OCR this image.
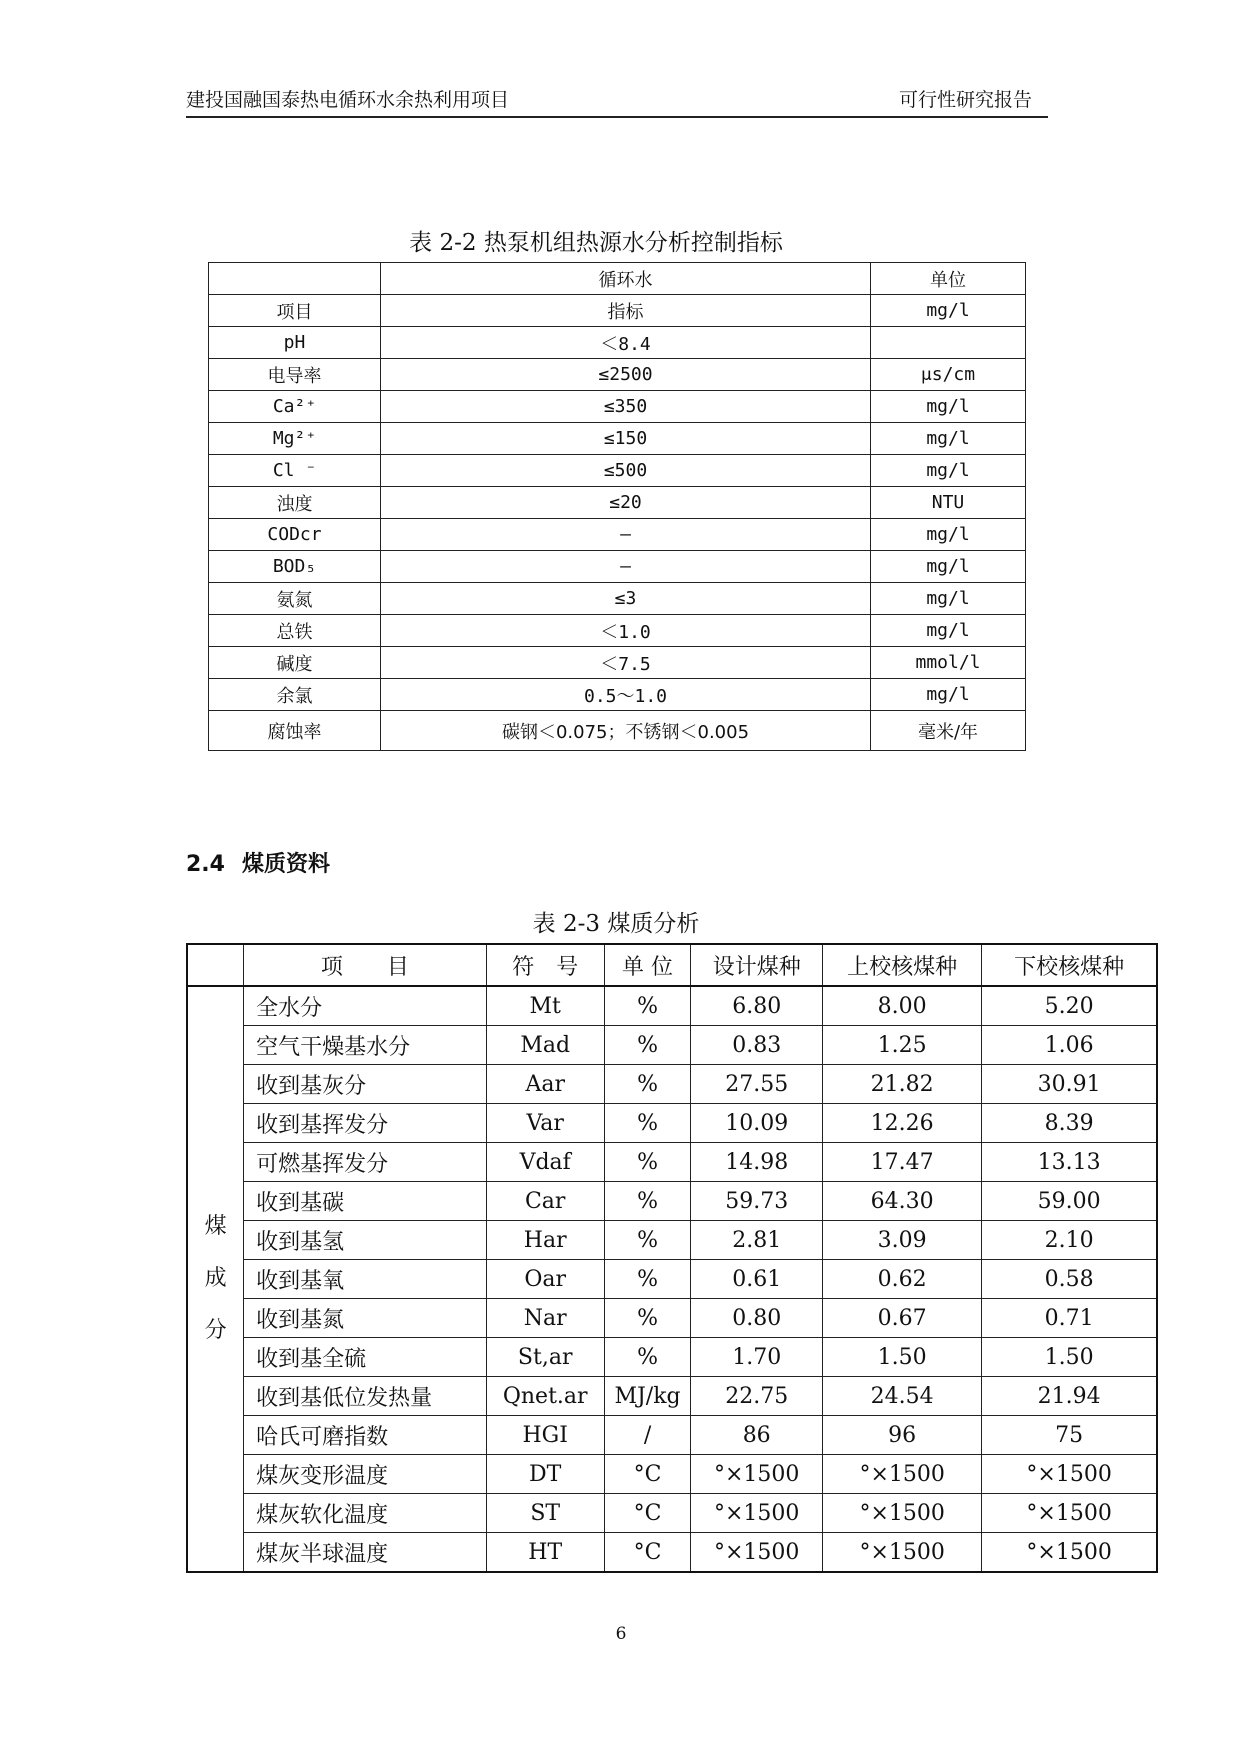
建投国融国泰热电循环水余热利用项目	可行性研究报告
表 2-2 热泵机组热源水分析控制指标
	循环水	单位
项目	指标	mg/l
pH	＜8.4	
电导率	≤2500	μs/cm
Ca²⁺	≤350	mg/l
Mg²⁺	≤150	mg/l
Cl ⁻	≤500	mg/l
浊度	≤20	NTU
CODcr	—	mg/l
BOD₅	—	mg/l
氨氮	≤3	mg/l
总铁	＜1.0	mg/l
碱度	＜7.5	mmol/l
余氯	0.5～1.0	mg/l
腐蚀率	碳钢＜0.075；不锈钢＜0.005	毫米/年
2.4 煤质资料
表 2-3 煤质分析
	项　　目	符　号	单 位	设计煤种	上校核煤种	下校核煤种

煤
成
分	全水分	Mt	%	6.80	8.00	5.20
	空气干燥基水分	Mad	%	0.83	1.25	1.06
	收到基灰分	Aar	%	27.55	21.82	30.91
	收到基挥发分	Var	%	10.09	12.26	8.39
	可燃基挥发分	Vdaf	%	14.98	17.47	13.13
	收到基碳	Car	%	59.73	64.30	59.00
	收到基氢	Har	%	2.81	3.09	2.10
	收到基氧	Oar	%	0.61	0.62	0.58
	收到基氮	Nar	%	0.80	0.67	0.71
	收到基全硫	St,ar	%	1.70	1.50	1.50
	收到基低位发热量	Qnet.ar	MJ/kg	22.75	24.54	21.94
	哈氏可磨指数	HGI	/	86	96	75
	煤灰变形温度	DT	°C	°×1500	°×1500	°×1500
	煤灰软化温度	ST	°C	°×1500	°×1500	°×1500
	煤灰半球温度	HT	°C	°×1500	°×1500	°×1500
6
